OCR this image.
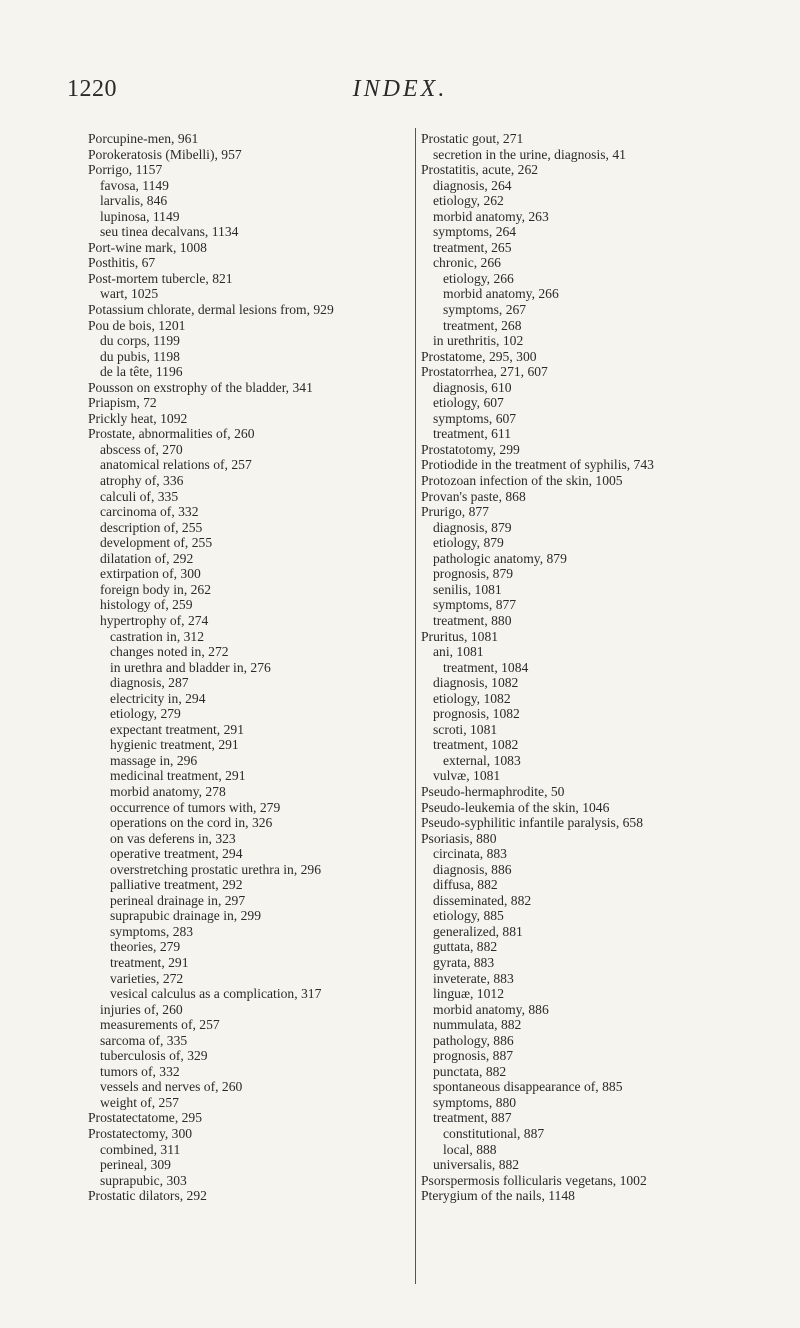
1220	INDEX.
Porcupine-men, 961
Porokeratosis (Mibelli), 957
Porrigo, 1157
favosa, 1149
larvalis, 846
lupinosa, 1149
seu tinea decalvans, 1134
Port-wine mark, 1008
Posthitis, 67
Post-mortem tubercle, 821
wart, 1025
Potassium chlorate, dermal lesions from, 929
Pou de bois, 1201
du corps, 1199
du pubis, 1198
de la tête, 1196
Pousson on exstrophy of the bladder, 341
Priapism, 72
Prickly heat, 1092
Prostate, abnormalities of, 260
abscess of, 270
anatomical relations of, 257
atrophy of, 336
calculi of, 335
carcinoma of, 332
description of, 255
development of, 255
dilatation of, 292
extirpation of, 300
foreign body in, 262
histology of, 259
hypertrophy of, 274
castration in, 312
changes noted in, 272
in urethra and bladder in, 276
diagnosis, 287
electricity in, 294
etiology, 279
expectant treatment, 291
hygienic treatment, 291
massage in, 296
medicinal treatment, 291
morbid anatomy, 278
occurrence of tumors with, 279
operations on the cord in, 326
on vas deferens in, 323
operative treatment, 294
overstretching prostatic urethra in, 296
palliative treatment, 292
perineal drainage in, 297
suprapubic drainage in, 299
symptoms, 283
theories, 279
treatment, 291
varieties, 272
vesical calculus as a complication, 317
injuries of, 260
measurements of, 257
sarcoma of, 335
tuberculosis of, 329
tumors of, 332
vessels and nerves of, 260
weight of, 257
Prostatectatome, 295
Prostatectomy, 300
combined, 311
perineal, 309
suprapubic, 303
Prostatic dilators, 292
Prostatic gout, 271
secretion in the urine, diagnosis, 41
Prostatitis, acute, 262
diagnosis, 264
etiology, 262
morbid anatomy, 263
symptoms, 264
treatment, 265
chronic, 266
etiology, 266
morbid anatomy, 266
symptoms, 267
treatment, 268
in urethritis, 102
Prostatome, 295, 300
Prostatorrhea, 271, 607
diagnosis, 610
etiology, 607
symptoms, 607
treatment, 611
Prostatotomy, 299
Protiodide in the treatment of syphilis, 743
Protozoan infection of the skin, 1005
Provan's paste, 868
Prurigo, 877
diagnosis, 879
etiology, 879
pathologic anatomy, 879
prognosis, 879
senilis, 1081
symptoms, 877
treatment, 880
Pruritus, 1081
ani, 1081
treatment, 1084
diagnosis, 1082
etiology, 1082
prognosis, 1082
scroti, 1081
treatment, 1082
external, 1083
vulvæ, 1081
Pseudo-hermaphrodite, 50
Pseudo-leukemia of the skin, 1046
Pseudo-syphilitic infantile paralysis, 658
Psoriasis, 880
circinata, 883
diagnosis, 886
diffusa, 882
disseminated, 882
etiology, 885
generalized, 881
guttata, 882
gyrata, 883
inveterate, 883
linguæ, 1012
morbid anatomy, 886
nummulata, 882
pathology, 886
prognosis, 887
punctata, 882
spontaneous disappearance of, 885
symptoms, 880
treatment, 887
constitutional, 887
local, 888
universalis, 882
Psorspermosis follicularis vegetans, 1002
Pterygium of the nails, 1148
